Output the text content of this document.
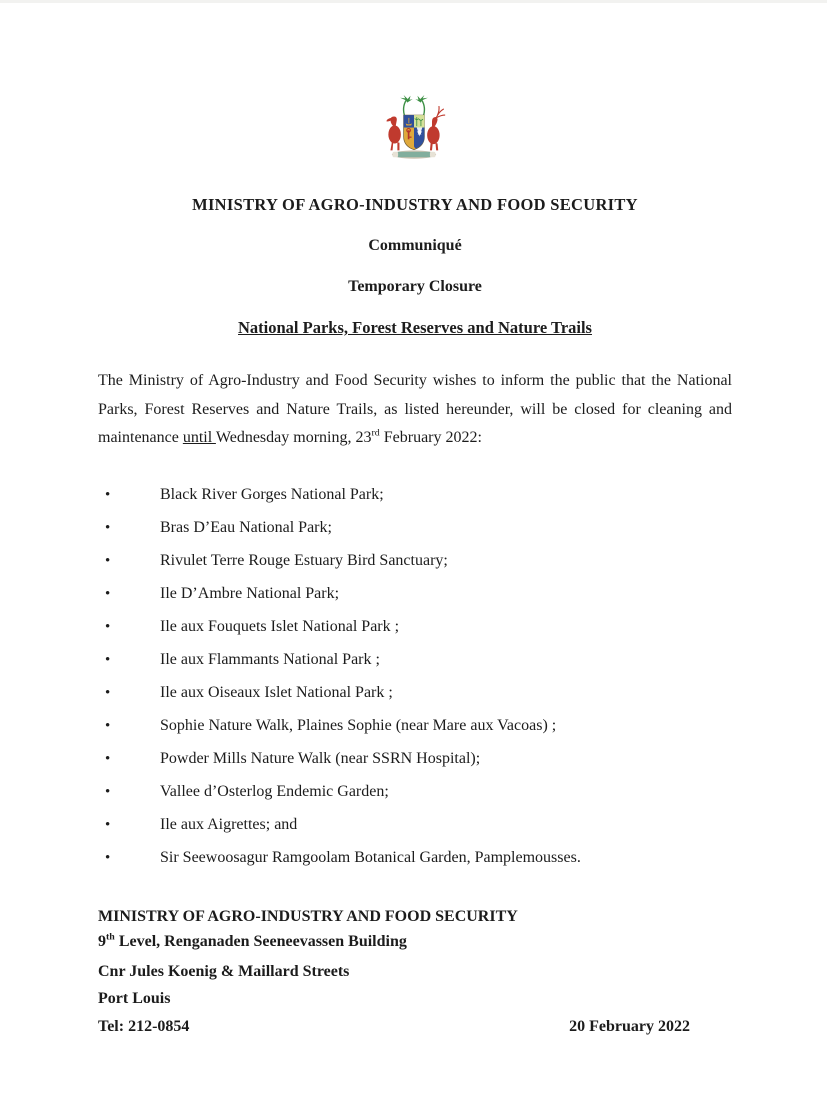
MINISTRY OF AGRO-INDUSTRY AND FOOD SECURITY
Communiqué
Temporary Closure
National Parks, Forest Reserves and Nature Trails

The Ministry of Agro-Industry and Food Security wishes to inform the public that the National Parks, Forest Reserves and Nature Trails, as listed hereunder, will be closed for cleaning and maintenance until Wednesday morning, 23rd February 2022:

•	Black River Gorges National Park;
•	Bras D’Eau National Park;
•	Rivulet Terre Rouge Estuary Bird Sanctuary;
•	Ile D’Ambre National Park;
•	Ile aux Fouquets Islet National Park ;
•	Ile aux Flammants National Park ;
•	Ile aux Oiseaux Islet National Park ;
•	Sophie Nature Walk, Plaines Sophie (near Mare aux Vacoas) ;
•	Powder Mills Nature Walk (near SSRN Hospital);
•	Vallee d’Osterlog Endemic Garden;
•	Ile aux Aigrettes; and
•	Sir Seewoosagur Ramgoolam Botanical Garden, Pamplemousses.
MINISTRY OF AGRO-INDUSTRY AND FOOD SECURITY
9th Level, Renganaden Seeneevassen Building
Cnr Jules Koenig & Maillard Streets
Port Louis
Tel: 212-0854	20 February 2022
